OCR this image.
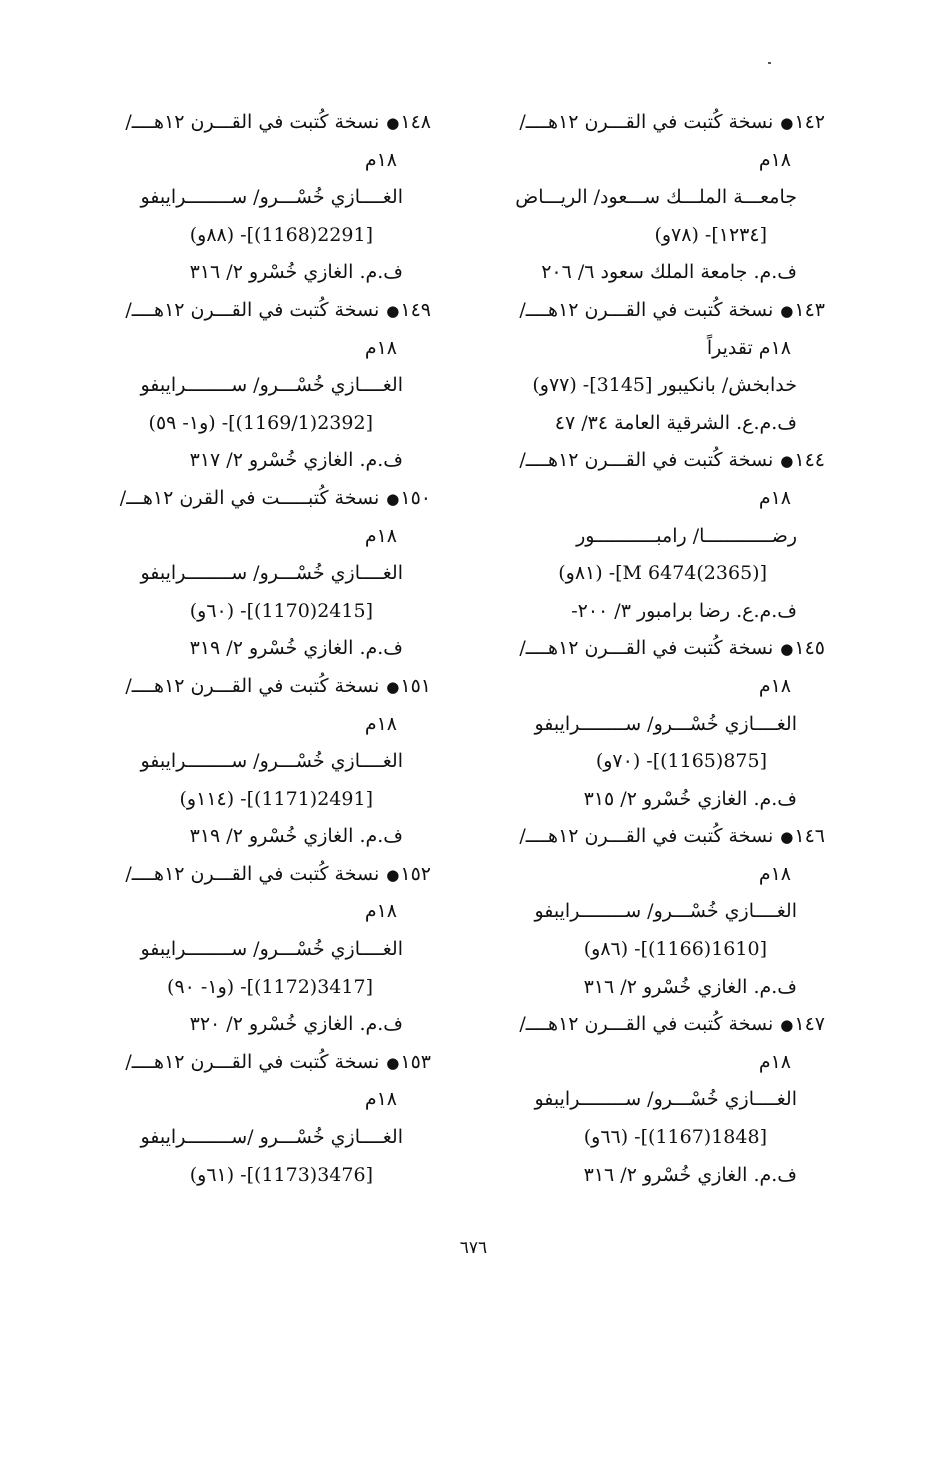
١٤٢● نسخة كُتبت في القـــرن ١٢هــــ/
١٨م
جامعـــة الملـــك ســـعود/ الريـــاض
[١٢٣٤]- (٧٨و)
ف.م. جامعة الملك سعود ٦/ ٢٠٦
١٤٣● نسخة كُتبت في القـــرن ١٢هــــ/
١٨م تقديراً
خدابخش/ بانكيبور [3145]- (٧٧و)
ف.م.ع. الشرقية العامة ٣٤/ ٤٧
١٤٤● نسخة كُتبت في القـــرن ١٢هــــ/
١٨م
رضــــــــــــا/ رامبـــــــــــور
[M 6474(2365)]- (٨١و)
ف.م.ع. رضا برامبور ٣/ ٢٠٠-
١٤٥● نسخة كُتبت في القـــرن ١٢هــــ/
١٨م
الغــــازي خُسْـــرو/ ســــــــرايبفو
[875(1165)]- (٧٠و)
ف.م. الغازي خُسْرو ٢/ ٣١٥
١٤٦● نسخة كُتبت في القـــرن ١٢هــــ/
١٨م
الغــــازي خُسْـــرو/ ســــــــرايبفو
[1610(1166)]- (٨٦و)
ف.م. الغازي خُسْرو ٢/ ٣١٦
١٤٧● نسخة كُتبت في القـــرن ١٢هــــ/
١٨م
الغــــازي خُسْـــرو/ ســــــــرايبفو
[1848(1167)]- (٦٦و)
ف.م. الغازي خُسْرو ٢/ ٣١٦
١٤٨● نسخة كُتبت في القـــرن ١٢هــــ/
١٨م
الغــــازي خُسْـــرو/ ســــــــرايبفو
[2291(1168)]- (٨٨و)
ف.م. الغازي خُسْرو ٢/ ٣١٦
١٤٩● نسخة كُتبت في القـــرن ١٢هــــ/
١٨م
الغــــازي خُسْـــرو/ ســــــــرايبفو
[2392(1169/1)]- (و١- ٥٩)
ف.م. الغازي خُسْرو ٢/ ٣١٧
١٥٠● نسخة كُتبـــــت في القرن ١٢هـــ/
١٨م
الغــــازي خُسْـــرو/ ســــــــرايبفو
[2415(1170)]- (٦٠و)
ف.م. الغازي خُسْرو ٢/ ٣١٩
١٥١● نسخة كُتبت في القـــرن ١٢هــــ/
١٨م
الغــــازي خُسْـــرو/ ســــــــرايبفو
[2491(1171)]- (١١٤و)
ف.م. الغازي خُسْرو ٢/ ٣١٩
١٥٢● نسخة كُتبت في القـــرن ١٢هــــ/
١٨م
الغــــازي خُسْـــرو/ ســــــــرايبفو
[3417(1172)]- (و١- ٩٠)
ف.م. الغازي خُسْرو ٢/ ٣٢٠
١٥٣● نسخة كُتبت في القـــرن ١٢هــــ/
١٨م
الغــــازي خُسْـــرو /ســــــــرايبفو
[3476(1173)]- (٦١و)
٦٧٦
